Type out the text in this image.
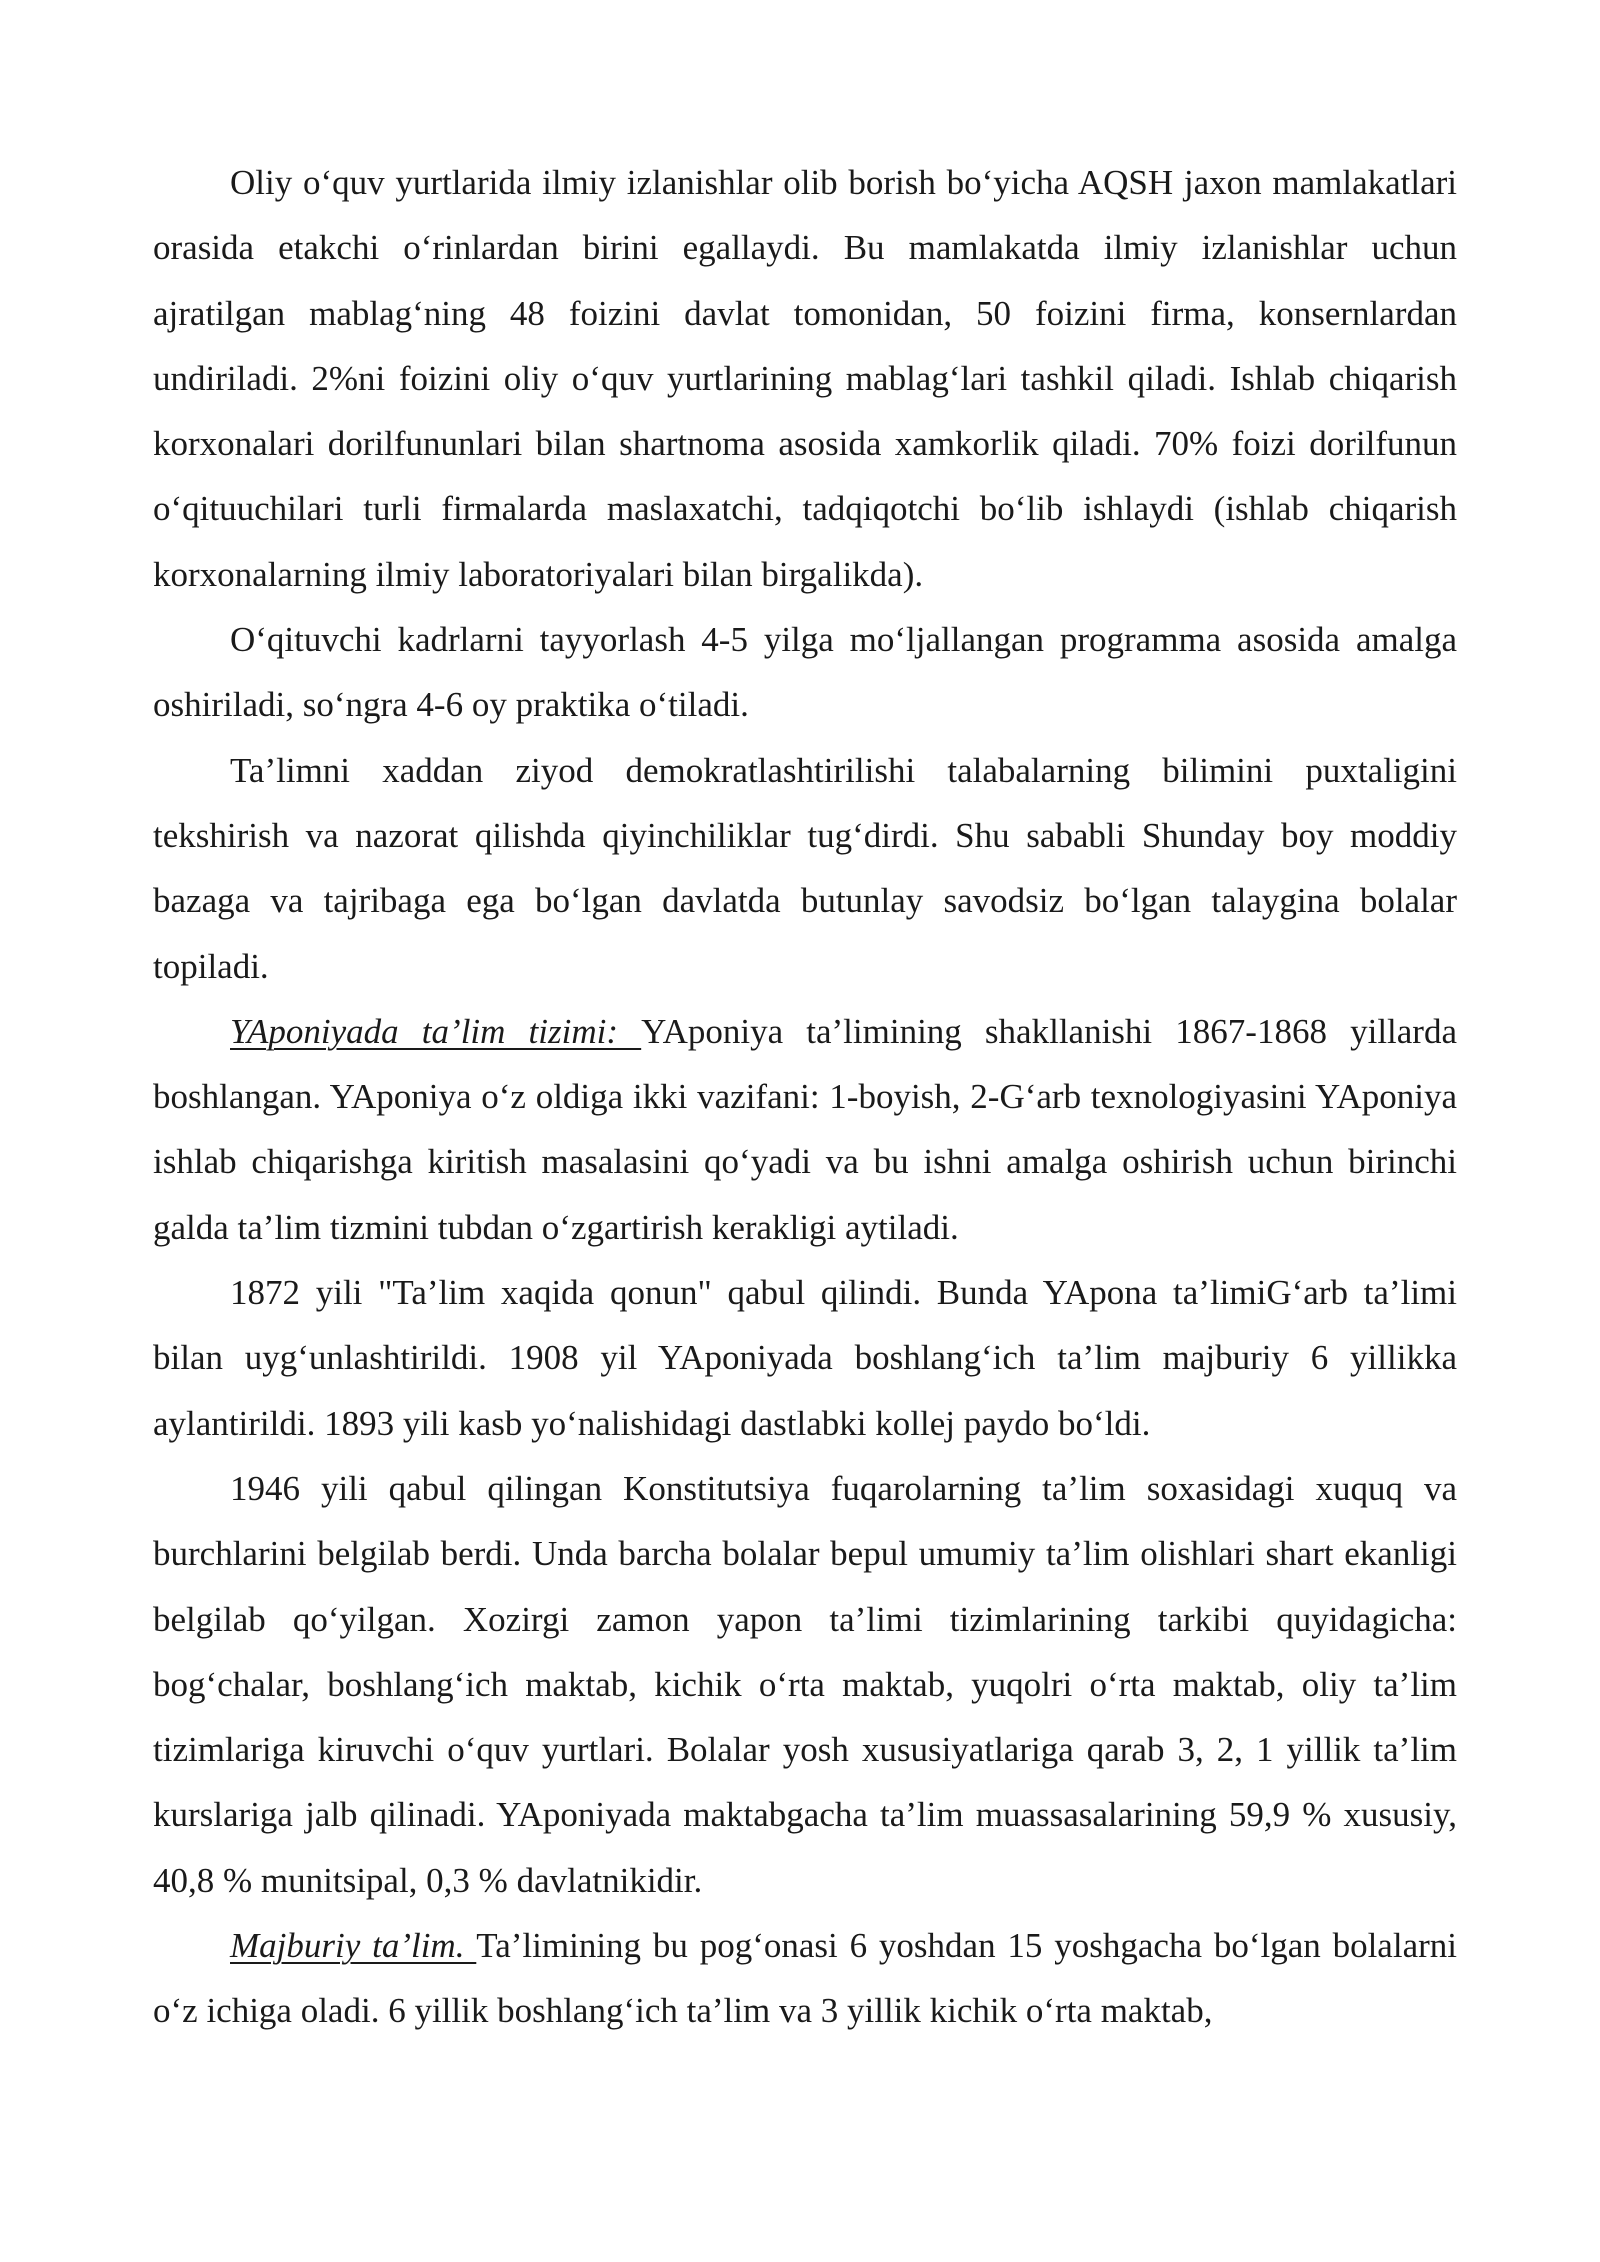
Oliy oʻquv yurtlarida ilmiy izlanishlar olib borish boʻyicha AQSH jaxon mamlakatlari orasida etakchi oʻrinlardan birini egallaydi. Bu mamlakatda ilmiy izlanishlar uchun ajratilgan mablagʻning 48 foizini davlat tomonidan, 50 foizini firma, konsernlardan undiriladi. 2%ni foizini oliy oʻquv yurtlarining mablagʻlari tashkil qiladi. Ishlab chiqarish korxonalari dorilfununlari bilan shartnoma asosida xamkorlik qiladi. 70% foizi dorilfunun oʻqituuchilari turli firmalarda maslaxatchi, tadqiqotchi boʻlib ishlaydi (ishlab chiqarish korxonalarning ilmiy laboratoriyalari bilan birgalikda).

Oʻqituvchi kadrlarni tayyorlash 4-5 yilga moʻljallangan programma asosida amalga oshiriladi, soʻngra 4-6 oy praktika oʻtiladi.

Ta’limni xaddan ziyod demokratlashtirilishi talabalarning bilimini puxtaligini tekshirish va nazorat qilishda qiyinchiliklar tugʻdirdi. Shu sababli Shunday boy moddiy bazaga va tajribaga ega boʻlgan davlatda butunlay savodsiz boʻlgan talaygina bolalar topiladi.

YAponiyada ta’lim tizimi: YAponiya ta’limining shakllanishi 1867-1868 yillarda boshlangan. YAponiya oʻz oldiga ikki vazifani: 1-boyish, 2-Gʻarb texnologiyasini YAponiya ishlab chiqarishga kiritish masalasini qoʻyadi va bu ishni amalga oshirish uchun birinchi galda ta’lim tizmini tubdan oʻzgartirish kerakligi aytiladi.

1872 yili "Ta’lim xaqida qonun" qabul qilindi. Bunda YApona ta’limiGʻarb ta’limi bilan uygʻunlashtirildi. 1908 yil YAponiyada boshlangʻich ta’lim majburiy 6 yillikka aylantirildi. 1893 yili kasb yoʻnalishidagi dastlabki kollej paydo boʻldi.

1946 yili qabul qilingan Konstitutsiya fuqarolarning ta’lim soxasidagi xuquq va burchlarini belgilab berdi. Unda barcha bolalar bepul umumiy ta’lim olishlari shart ekanligi belgilab qoʻyilgan. Xozirgi zamon yapon ta’limi tizimlarining tarkibi quyidagicha: bogʻchalar, boshlangʻich maktab, kichik oʻrta maktab, yuqolri oʻrta maktab, oliy ta’lim tizimlariga kiruvchi oʻquv yurtlari. Bolalar yosh xususiyatlariga qarab 3, 2, 1 yillik ta’lim kurslariga jalb qilinadi. YAponiyada maktabgacha ta’lim muassasalarining 59,9 % xususiy, 40,8 % munitsipal, 0,3 % davlatnikidir.

Majburiy ta’lim. Ta’limining bu pogʻonasi 6 yoshdan 15 yoshgacha boʻlgan bolalarni oʻz ichiga oladi. 6 yillik boshlangʻich ta’lim va 3 yillik kichik oʻrta maktab,
